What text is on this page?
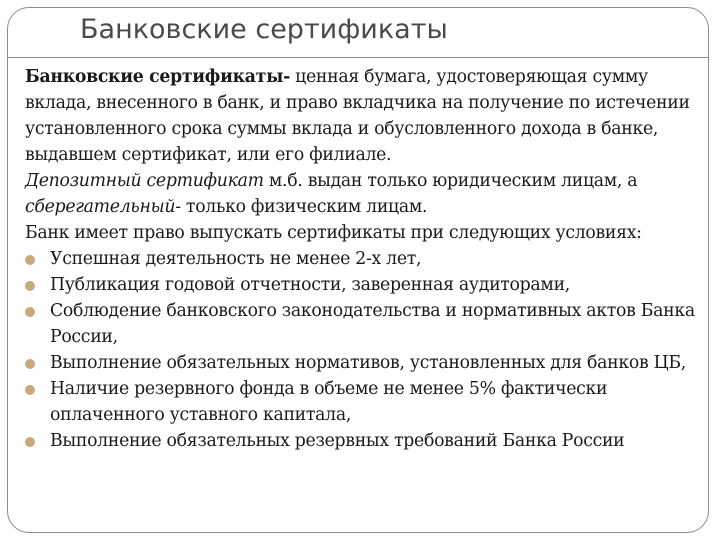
Банковские сертификаты

Банковские сертификаты- ценная бумага, удостоверяющая сумму вклада, внесенного в банк, и право вкладчика на получение по истечении установленного срока суммы вклада и обусловленного дохода в банке, выдавшем сертификат, или его филиале.

Депозитный сертификат м.б. выдан только юридическим лицам, а сберегательный- только физическим лицам.

Банк имеет право выпускать сертификаты при следующих условиях:

Успешная деятельность не менее 2-х лет,
Публикация годовой отчетности, заверенная аудиторами,
Соблюдение банковского законодательства и нормативных актов Банка России,
Выполнение обязательных нормативов, установленных для банков ЦБ,
Наличие резервного фонда в объеме не менее 5% фактически оплаченного уставного капитала,
Выполнение обязательных резервных требований Банка России
